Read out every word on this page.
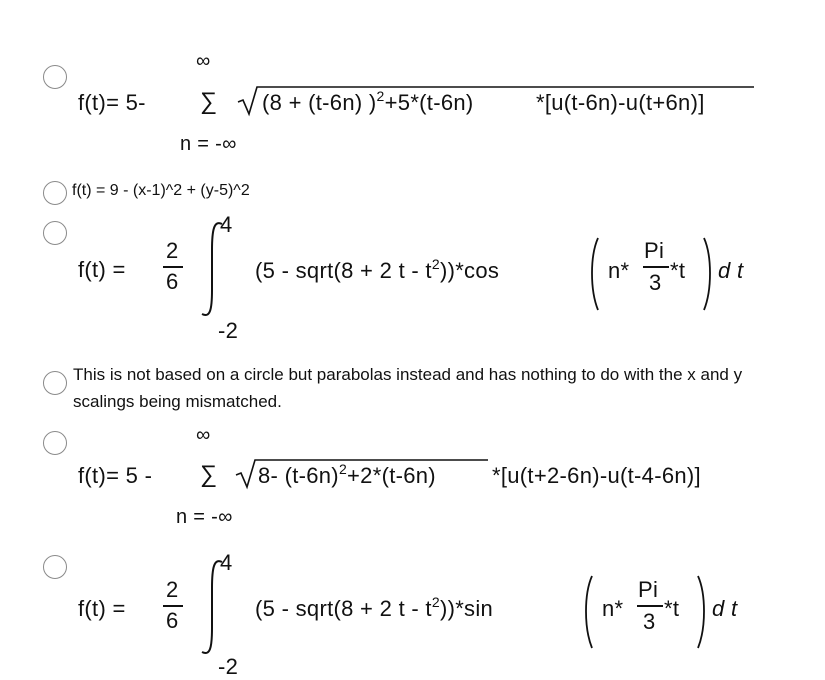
∞
f(t)= 5- ∑ (8 + (t-6n) )$^2$+5*(t-6n)	*[u(t-6n)-u(t+6n)]
n = -∞
f(t) = 9 - (x-1)^2 + (y-5)^2
f(t) =
2
6
4
-2
(5 - sqrt(8 + 2 t - $t^2))*\cos$	n*
Pi
3 *t d t
This is not based on a circle but parabolas instead and has nothing to do with the x and y scalings being mismatched.
∞
f(t)= 5 - ∑ 8- $(t-6n)^2+2*(t-6n)$	*[u(t+2-6n)-u(t-4-6n)]
n = -∞
f(t) =
2
6
4
-2
(5 - sqrt(8 + 2 t - $t^2))*\sin$	n*
Pi
3
*t d t
